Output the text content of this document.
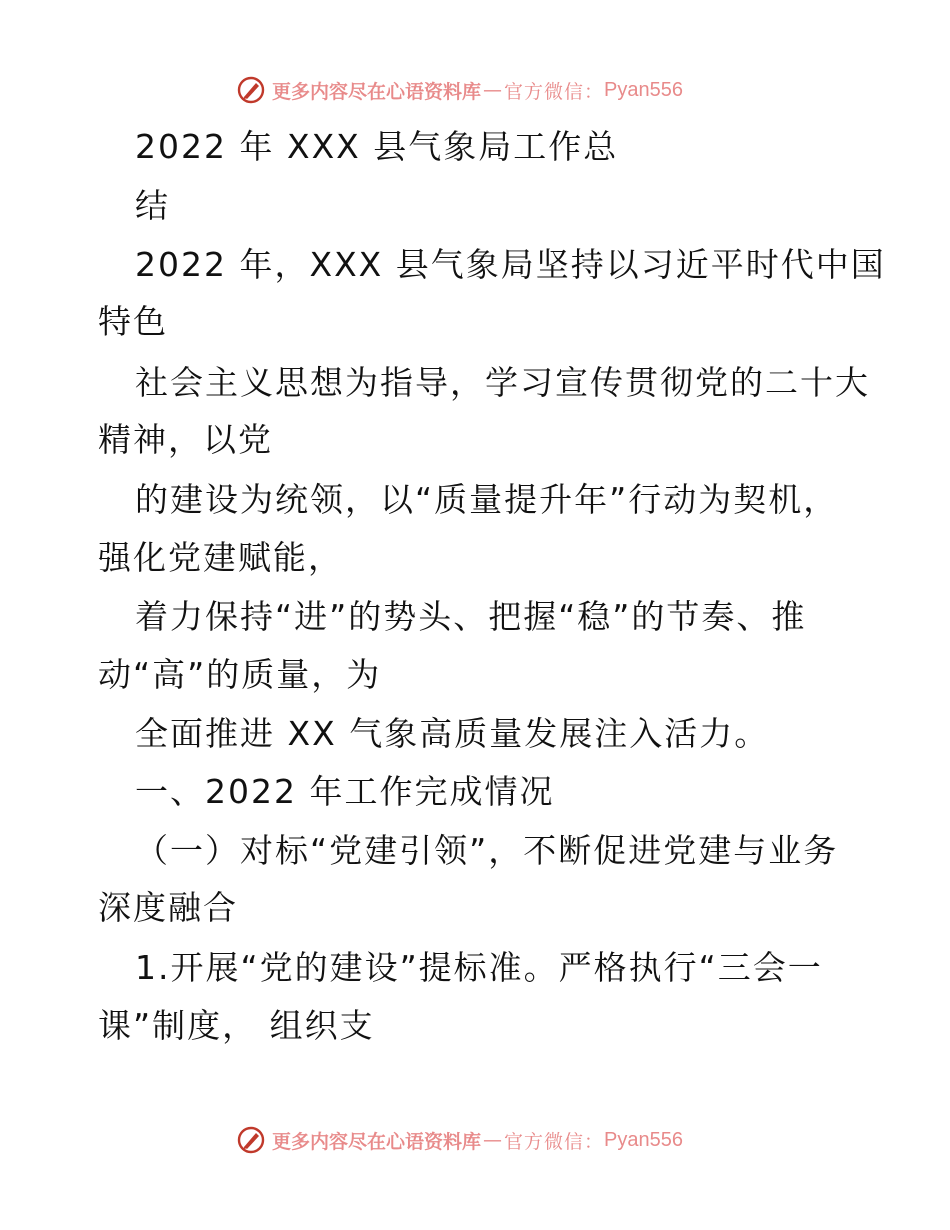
更多内容尽在心语资料库 — 官方微信： Pyan556
2022 年 XXX 县气象局工作总
结
2022 年，XXX 县气象局坚持以习近平时代中国
特色
社会主义思想为指导，学习宣传贯彻党的二十大
精神，以党
的建设为统领，以“质量提升年”行动为契机，
强化党建赋能，
着力保持“进”的势头、把握“稳”的节奏、推
动“高”的质量，为
全面推进 XX 气象高质量发展注入活力。
一、2022 年工作完成情况
（一）对标“党建引领”，不断促进党建与业务
深度融合
1.开展“党的建设”提标准。严格执行“三会一
课”制度， 组织支
更多内容尽在心语资料库 — 官方微信： Pyan556
